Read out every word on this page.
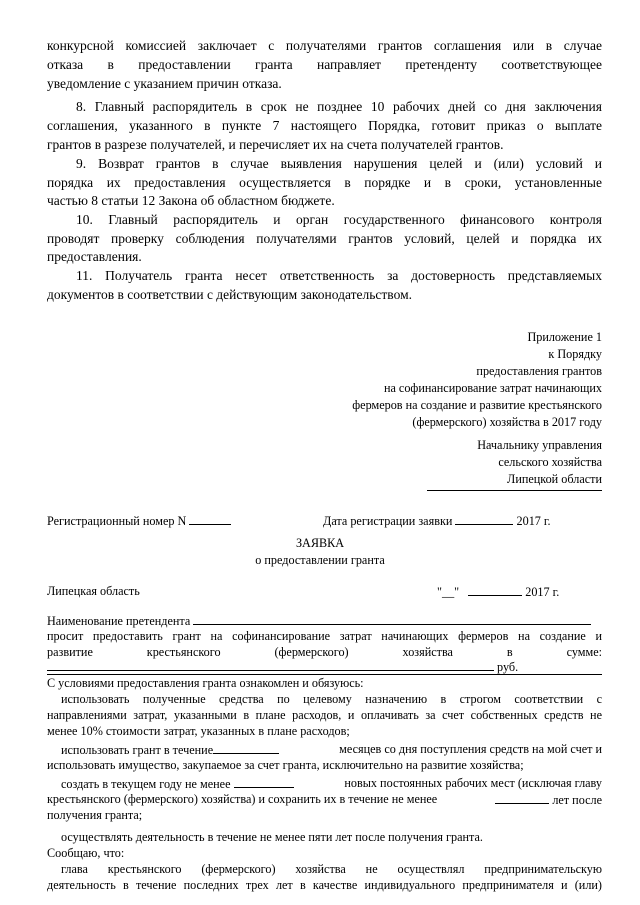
конкурсной комиссией заключает с получателями грантов соглашения или в случае
отказа в предоставлении гранта направляет претенденту соответствующее
уведомление с указанием причин отказа.
8. Главный распорядитель в срок не позднее 10 рабочих дней со дня заключения
соглашения, указанного в пункте 7 настоящего Порядка, готовит приказ о выплате
грантов в разрезе получателей, и перечисляет их на счета получателей грантов.
9. Возврат грантов в случае выявления нарушения целей и (или) условий и
порядка их предоставления осуществляется в порядке и в сроки, установленные
частью 8 статьи 12 Закона об областном бюджете.
10. Главный распорядитель и орган государственного финансового контроля
проводят проверку соблюдения получателями грантов условий, целей и порядка их
предоставления.
11. Получатель гранта несет ответственность за достоверность представляемых
документов в соответствии с действующим законодательством.
Приложение 1
к Порядку
предоставления грантов
на софинансирование затрат начинающих
фермеров на создание и развитие крестьянского
(фермерского) хозяйства в 2017 году
Начальнику управления
сельского хозяйства
Липецкой области
Регистрационный номер N	Дата регистрации заявки	2017 г.
ЗАЯВКА
о предоставлении гранта
Липецкая область	"__"	2017 г.
Наименование претендента
просит предоставить грант на софинансирование затрат начинающих фермеров на создание и
развитие крестьянского (фермерского) хозяйства в сумме:
руб.
С условиями предоставления гранта ознакомлен и обязуюсь:
использовать полученные средства по целевому назначению в строгом соответствии с
направлениями затрат, указанными в плане расходов, и оплачивать за счет собственных средств не
менее 10% стоимости затрат, указанных в плане расходов;
использовать грант в течение	месяцев со дня поступления средств на мой счет и
использовать имущество, закупаемое за счет гранта, исключительно на развитие хозяйства;
создать в текущем году не менее	новых постоянных рабочих мест (исключая главу
крестьянского (фермерского) хозяйства) и сохранить их в течение не менее	лет после
получения гранта;
осуществлять деятельность в течение не менее пяти лет после получения гранта.
Сообщаю, что:
глава крестьянского (фермерского) хозяйства не осуществлял предпринимательскую
деятельность в течение последних трех лет в качестве индивидуального предпринимателя и (или)
